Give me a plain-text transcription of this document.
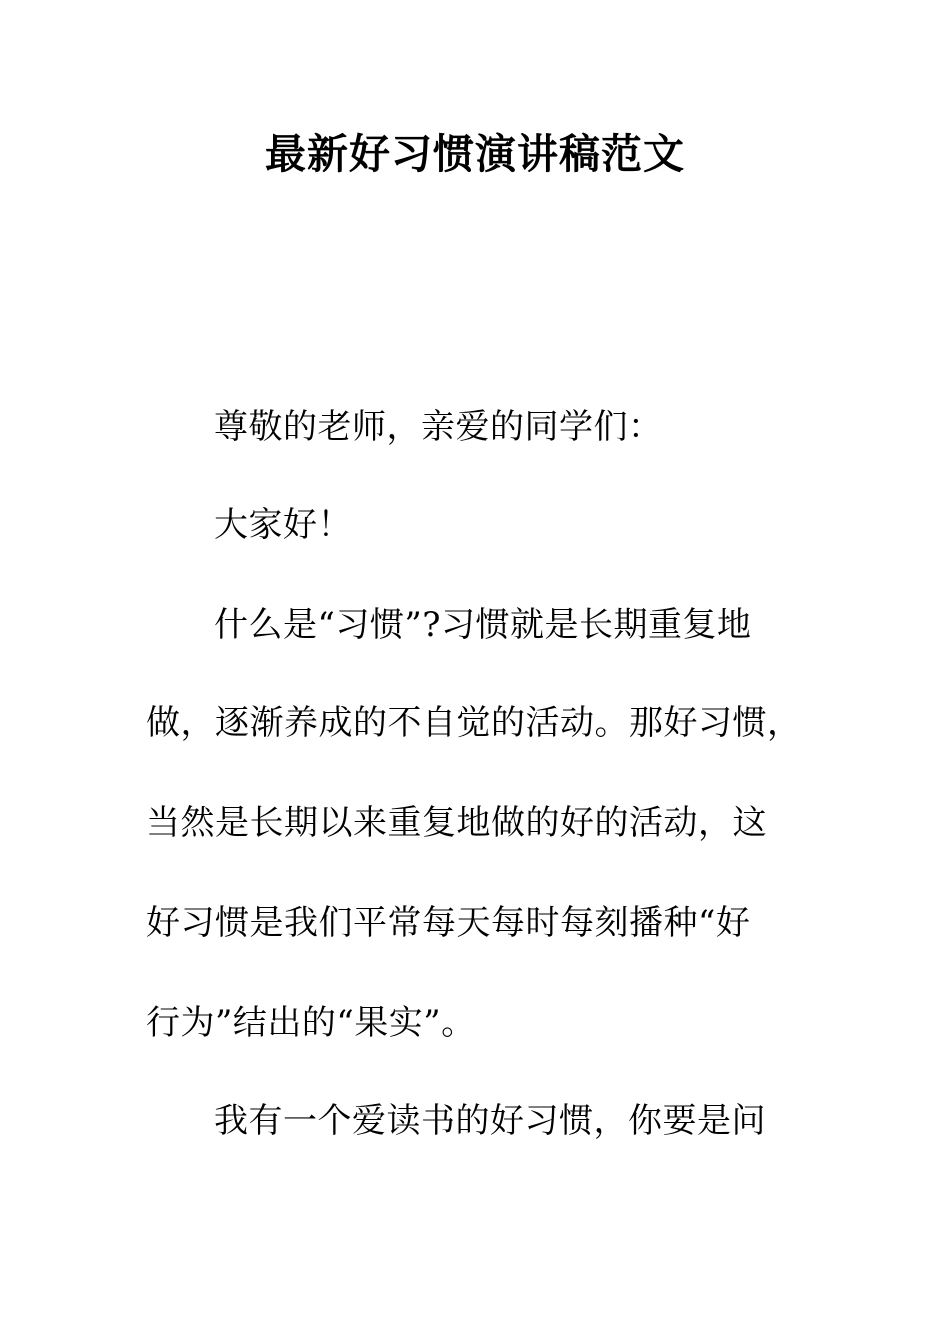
最新好习惯演讲稿范文
尊敬的老师，亲爱的同学们：
大家好！
什么是“习惯”?习惯就是长期重复地
做，逐渐养成的不自觉的活动。那好习惯，
当然是长期以来重复地做的好的活动，这
好习惯是我们平常每天每时每刻播种“好
行为”结出的“果实”。
我有一个爱读书的好习惯，你要是问
